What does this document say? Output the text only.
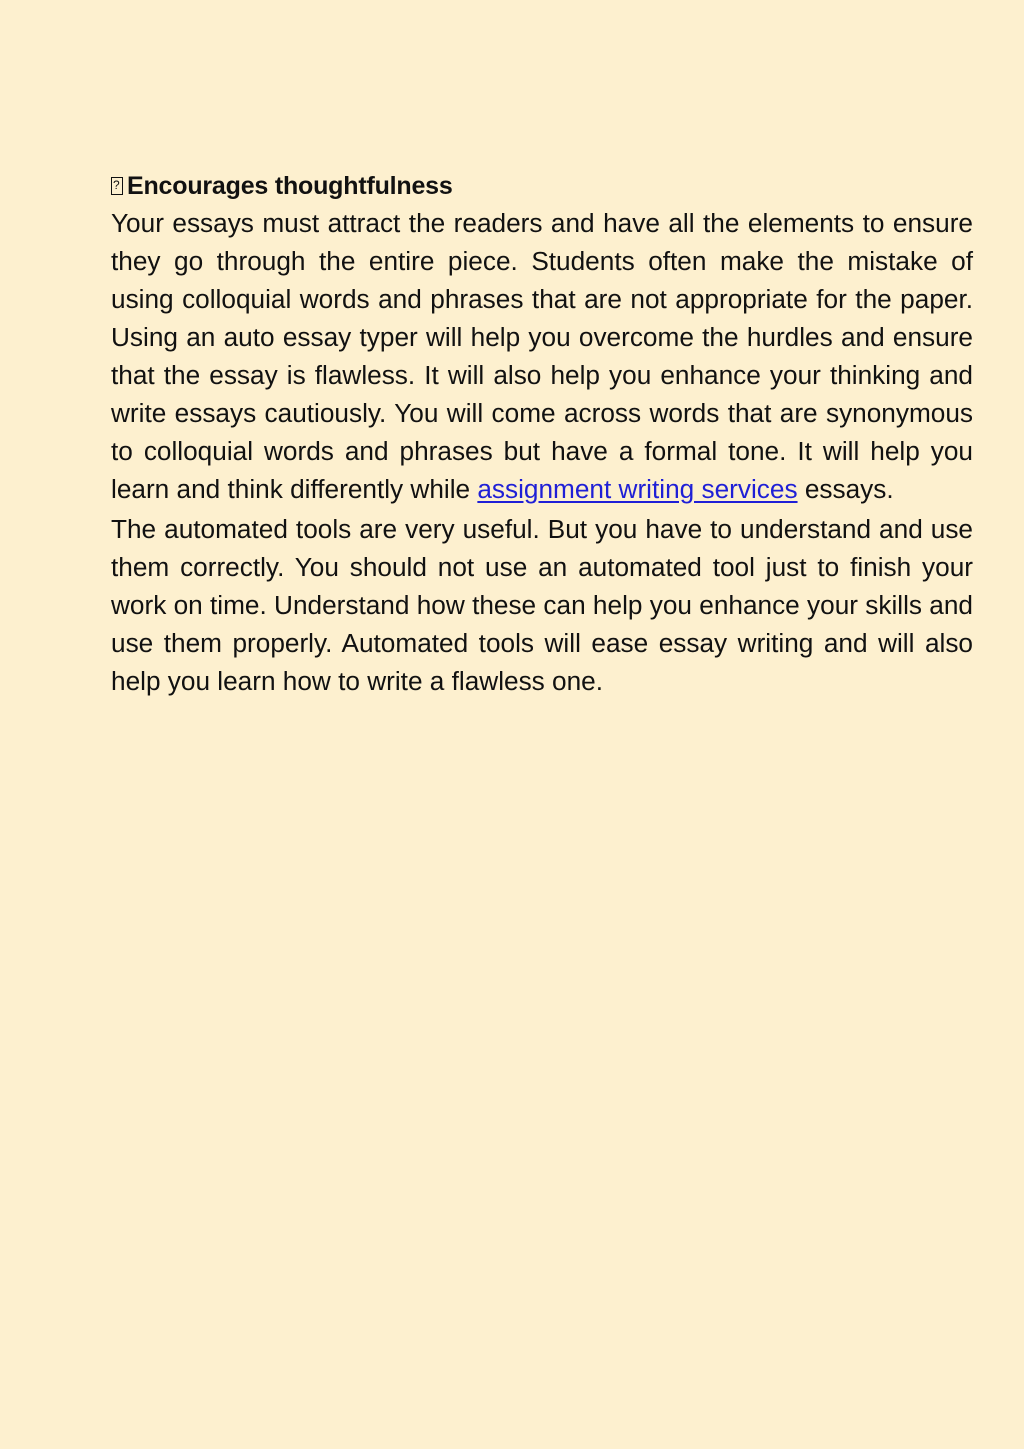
?
Encourages thoughtfulness

Your essays must attract the readers and have all the elements to ensure they go through the entire piece. Students often make the mistake of using colloquial words and phrases that are not appropriate for the paper. Using an auto essay typer will help you overcome the hurdles and ensure that the essay is flawless. It will also help you enhance your thinking and write essays cautiously. You will come across words that are synonymous to colloquial words and phrases but have a formal tone. It will help you learn and think differently while assignment writing services essays.

The automated tools are very useful. But you have to understand and use them correctly. You should not use an automated tool just to finish your work on time. Understand how these can help you enhance your skills and use them properly. Automated tools will ease essay writing and will also help you learn how to write a flawless one.
